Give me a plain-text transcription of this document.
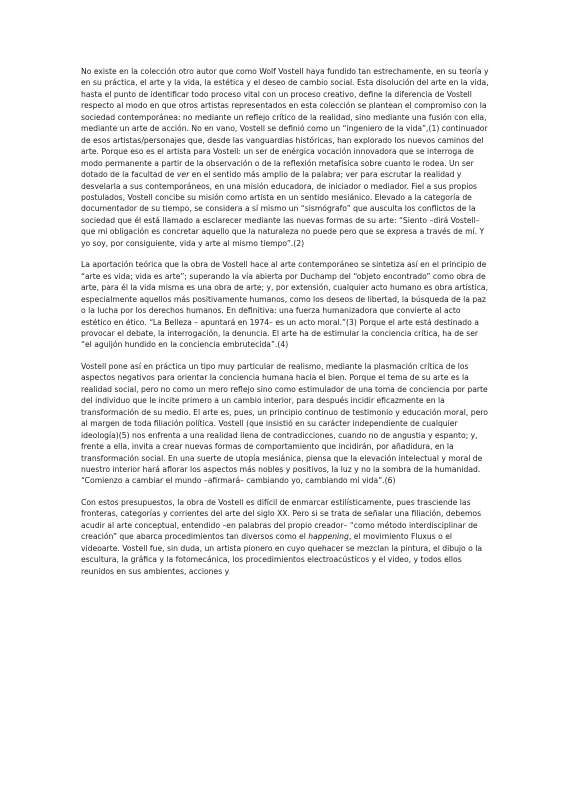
No existe en la colección otro autor que como Wolf Vostell haya fundido tan estrechamente, en su teoría y en su práctica, el arte y la vida, la estética y el deseo de cambio social. Esta disolución del arte en la vida, hasta el punto de identificar todo proceso vital con un proceso creativo, define la diferencia de Vostell respecto al modo en que otros artistas representados en esta colección se plantean el compromiso con la sociedad contemporánea: no mediante un reflejo crítico de la realidad, sino mediante una fusión con ella, mediante un arte de acción. No en vano, Vostell se definió como un “ingeniero de la vida”,(1) continuador de esos artistas/personajes que, desde las vanguardias históricas, han explorado los nuevos caminos del arte. Porque eso es el artista para Vostell: un ser de enérgica vocación innovadora que se interroga de modo permanente a partir de la observación o de la reflexión metafísica sobre cuanto le rodea. Un ser dotado de la facultad de ver en el sentido más amplio de la palabra; ver para escrutar la realidad y desvelarla a sus contemporáneos, en una misión educadora, de iniciador o mediador. Fiel a sus propios postulados, Vostell concibe su misión como artista en un sentido mesiánico. Elevado a la categoría de documentador de su tiempo, se considera a sí mismo un “sismógrafo” que ausculta los conflictos de la sociedad que él está llamado a esclarecer mediante las nuevas formas de su arte: “Siento –dirá Vostell– que mi obligación es concretar aquello que la naturaleza no puede pero que se expresa a través de mí. Y yo soy, por consiguiente, vida y arte al mismo tiempo”.(2)

La aportación teórica que la obra de Vostell hace al arte contemporáneo se sintetiza así en el principio de “arte es vida; vida es arte”; superando la vía abierta por Duchamp del “objeto encontrado” como obra de arte, para él la vida misma es una obra de arte; y, por extensión, cualquier acto humano es obra artística, especialmente aquellos más positivamente humanos, como los deseos de libertad, la búsqueda de la paz o la lucha por los derechos humanos. En definitiva: una fuerza humanizadora que convierte al acto estético en ético. “La Belleza – apuntará en 1974– es un acto moral.”(3) Porque el arte está destinado a provocar el debate, la interrogación, la denuncia. El arte ha de estimular la conciencia crítica, ha de ser “el aguijón hundido en la conciencia embrutecida”.(4)

Vostell pone así en práctica un tipo muy particular de realismo, mediante la plasmación crítica de los aspectos negativos para orientar la conciencia humana hacia el bien. Porque el tema de su arte es la realidad social, pero no como un mero reflejo sino como estimulador de una toma de conciencia por parte del individuo que le incite primero a un cambio interior, para después incidir eficazmente en la transformación de su medio. El arte es, pues, un principio continuo de testimonio y educación moral, pero al margen de toda filiación política. Vostell (que insistió en su carácter independiente de cualquier ideología)(5) nos enfrenta a una realidad llena de contradicciones, cuando no de angustia y espanto; y, frente a ella, invita a crear nuevas formas de comportamiento que incidirán, por añadidura, en la transformación social. En una suerte de utopía mesiánica, piensa que la elevación intelectual y moral de nuestro interior hará aflorar los aspectos más nobles y positivos, la luz y no la sombra de la humanidad. “Comienzo a cambiar el mundo –afirmará– cambiando yo, cambiando mi vida”.(6)

Con estos presupuestos, la obra de Vostell es difícil de enmarcar estilísticamente, pues trasciende las fronteras, categorías y corrientes del arte del siglo XX. Pero si se trata de señalar una filiación, debemos acudir al arte conceptual, entendido –en palabras del propio creador– “como método interdisciplinar de creación” que abarca procedimientos tan diversos como el happening, el movimiento Fluxus o el videoarte. Vostell fue, sin duda, un artista pionero en cuyo quehacer se mezclan la pintura, el dibujo o la escultura, la gráfica y la fotomecánica, los procedimientos electroacústicos y el video, y todos ellos reunidos en sus ambientes, acciones y
